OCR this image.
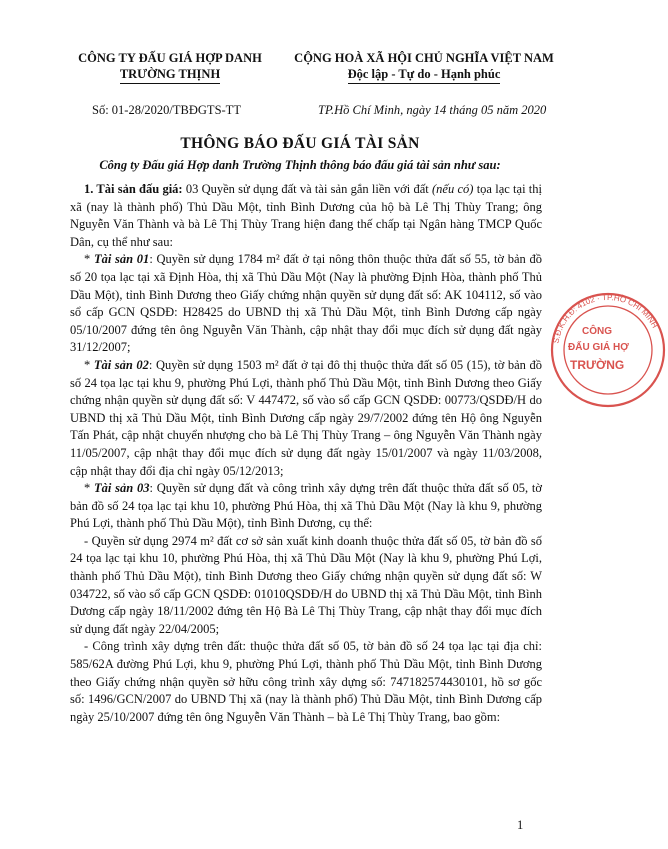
CÔNG TY ĐẤU GIÁ HỢP DANH
TRƯỜNG THỊNH
CỘNG HOÀ XÃ HỘI CHỦ NGHĨA VIỆT NAM
Độc lập - Tự do - Hạnh phúc
Số: 01-28/2020/TBĐGTS-TT	TP.Hồ Chí Minh, ngày 14 tháng 05 năm 2020
THÔNG BÁO ĐẤU GIÁ TÀI SẢN
Công ty Đấu giá Hợp danh Trường Thịnh thông báo đấu giá tài sản như sau:

1. Tài sản đấu giá: 03 Quyền sử dụng đất và tài sản gắn liền với đất (nếu có) tọa lạc tại thị xã (nay là thành phố) Thủ Dầu Một, tỉnh Bình Dương của hộ bà Lê Thị Thùy Trang; ông Nguyễn Văn Thành và bà Lê Thị Thùy Trang hiện đang thế chấp tại Ngân hàng TMCP Quốc Dân, cụ thể như sau:

* Tài sản 01: Quyền sử dụng 1784 m² đất ở tại nông thôn thuộc thửa đất số 55, tờ bản đồ số 20 tọa lạc tại xã Định Hòa, thị xã Thủ Dầu Một (Nay là phường Định Hòa, thành phố Thủ Dầu Một), tỉnh Bình Dương theo Giấy chứng nhận quyền sử dụng đất số: AK 104112, số vào sổ cấp GCN QSDĐ: H28425 do UBND thị xã Thủ Dầu Một, tỉnh Bình Dương cấp ngày 05/10/2007 đứng tên ông Nguyễn Văn Thành, cập nhật thay đổi mục đích sử dụng đất ngày 31/12/2007;

* Tài sản 02: Quyền sử dụng 1503 m² đất ở tại đô thị thuộc thửa đất số 05 (15), tờ bản đồ số 24 tọa lạc tại khu 9, phường Phú Lợi, thành phố Thủ Dầu Một, tỉnh Bình Dương theo Giấy chứng nhận quyền sử dụng đất số: V 447472, số vào sổ cấp GCN QSDĐ: 00773/QSDĐ/H do UBND thị xã Thủ Dầu Một, tỉnh Bình Dương cấp ngày 29/7/2002 đứng tên Hộ ông Nguyễn Tấn Phát, cập nhật chuyển nhượng cho bà Lê Thị Thùy Trang – ông Nguyễn Văn Thành ngày 11/05/2007, cập nhật thay đổi mục đích sử dụng đất ngày 15/01/2007 và ngày 11/03/2008, cập nhật thay đổi địa chỉ ngày 05/12/2013;

* Tài sản 03: Quyền sử dụng đất và công trình xây dựng trên đất thuộc thửa đất số 05, tờ bản đồ số 24 tọa lạc tại khu 10, phường Phú Hòa, thị xã Thủ Dầu Một (Nay là khu 9, phường Phú Lợi, thành phố Thủ Dầu Một), tỉnh Bình Dương, cụ thể:

- Quyền sử dụng 2974 m² đất cơ sở sản xuất kinh doanh thuộc thửa đất số 05, tờ bản đồ số 24 tọa lạc tại khu 10, phường Phú Hòa, thị xã Thủ Dầu Một (Nay là khu 9, phường Phú Lợi, thành phố Thủ Dầu Một), tỉnh Bình Dương theo Giấy chứng nhận quyền sử dụng đất số: W 034722, số vào sổ cấp GCN QSDĐ: 01010QSDĐ/H do UBND thị xã Thủ Dầu Một, tỉnh Bình Dương cấp ngày 18/11/2002 đứng tên Hộ Bà Lê Thị Thùy Trang, cập nhật thay đổi mục đích sử dụng đất ngày 22/04/2005;

- Công trình xây dựng trên đất: thuộc thửa đất số 05, tờ bản đồ số 24 tọa lạc tại địa chỉ: 585/62A đường Phú Lợi, khu 9, phường Phú Lợi, thành phố Thủ Dầu Một, tỉnh Bình Dương theo Giấy chứng nhận quyền sở hữu công trình xây dựng số: 747182574430101, hồ sơ gốc số: 1496/GCN/2007 do UBND Thị xã (nay là thành phố) Thủ Dầu Một, tỉnh Bình Dương cấp ngày 25/10/2007 đứng tên ông Nguyễn Văn Thành – bà Lê Thị Thùy Trang, bao gồm:

1
S.Đ.K.H.Đ: 4102 · TP.HỒ CHÍ MINH
CÔNG
ĐẤU GIÁ HỢ
TRƯỜNG
